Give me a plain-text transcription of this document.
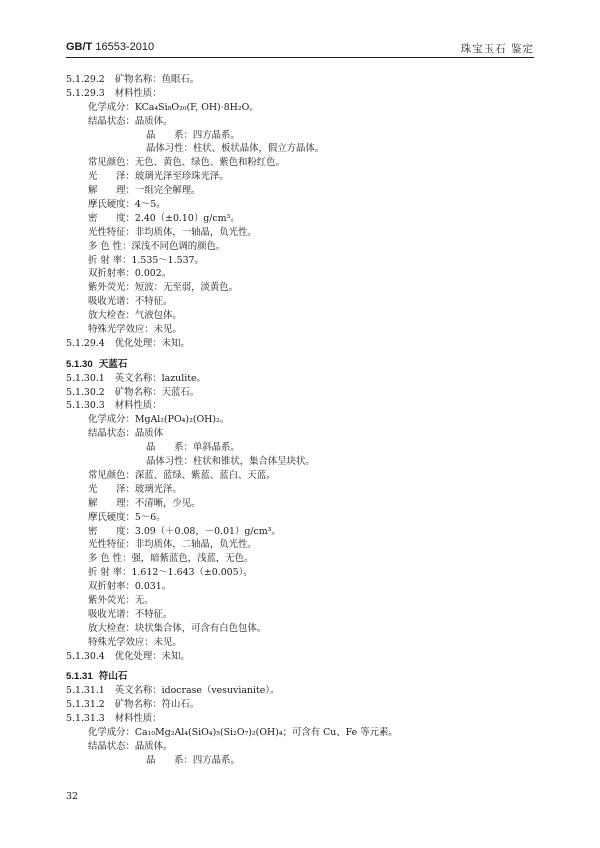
GB/T 16553-2010	珠宝玉石 鉴定
5.1.29.2 矿物名称：鱼眼石。
5.1.29.3 材料性质：
化学成分：KCa₄Si₈O₂₀(F, OH)·8H₂O。
结晶状态：晶质体。
晶　　系：四方晶系。
晶体习性：柱状、板状晶体，假立方晶体。
常见颜色：无色、黄色、绿色、紫色和粉红色。
光　　泽：玻璃光泽至珍珠光泽。
解　　理：一组完全解理。
摩氏硬度：4～5。
密　　度：2.40（±0.10）g/cm³。
光性特征：非均质体，一轴晶，负光性。
多 色 性：深浅不同色调的颜色。
折 射 率：1.535～1.537。
双折射率：0.002。
紫外荧光：短波：无至弱，淡黄色。
吸收光谱：不特征。
放大检查：气液包体。
特殊光学效应：未见。
5.1.29.4 优化处理：未知。
5.1.30 天蓝石
5.1.30.1 英文名称：lazulite。
5.1.30.2 矿物名称：天蓝石。
5.1.30.3 材料性质：
化学成分：MgAl₂(PO₄)₂(OH)₂。
结晶状态：晶质体
晶　　系：单斜晶系。
晶体习性：柱状和锥状，集合体呈块状。
常见颜色：深蓝、蓝绿、紫蓝、蓝白、天蓝。
光　　泽：玻璃光泽。
解　　理：不清晰，少见。
摩氏硬度：5～6。
密　　度：3.09（＋0.08，－0.01）g/cm³。
光性特征：非均质体，二轴晶，负光性。
多 色 性：强，暗紫蓝色，浅蓝，无色。
折 射 率：1.612～1.643（±0.005）。
双折射率：0.031。
紫外荧光：无。
吸收光谱：不特征。
放大检查：块状集合体，可含有白色包体。
特殊光学效应：未见。
5.1.30.4 优化处理：未知。
5.1.31 符山石
5.1.31.1 英文名称：idocrase（vesuvianite）。
5.1.31.2 矿物名称：符山石。
5.1.31.3 材料性质：
化学成分：Ca₁₀Mg₂Al₄(SiO₄)₅(Si₂O₇)₂(OH)₄；可含有 Cu、Fe 等元素。
结晶状态：晶质体。
晶　　系：四方晶系。
32
